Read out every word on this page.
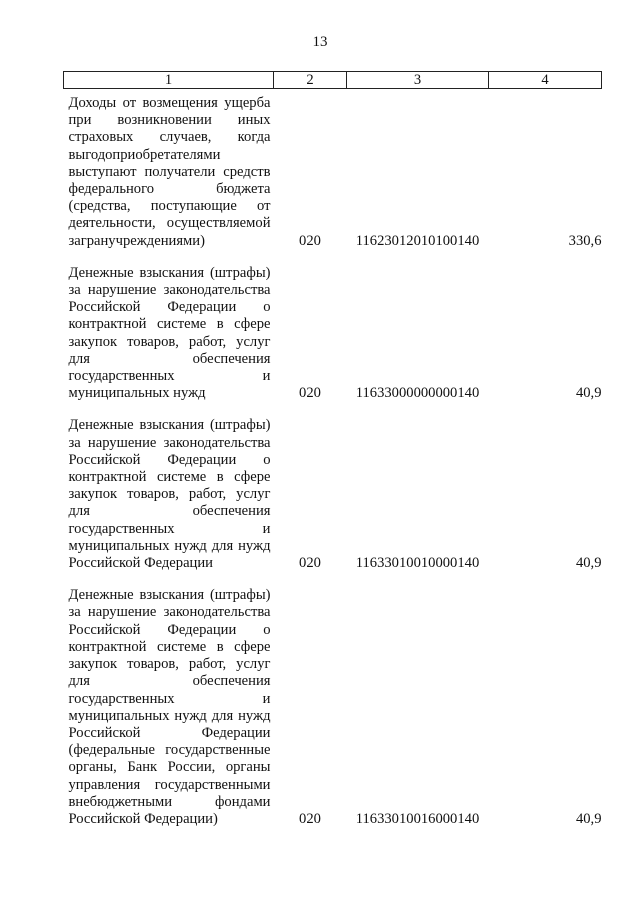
13
1	2	3	4

Доходы от возмещения ущерба при возникновении иных страховых случаев, когда выгодоприобретателями выступают получатели средств федерального бюджета (средства, поступающие от деятельности, осуществляемой загранучреждениями)	020	11623012010100140	330,6

Денежные взыскания (штрафы) за нарушение законодательства Российской Федерации о контрактной системе в сфере закупок товаров, работ, услуг для обеспечения государственных и муниципальных нужд	020	11633000000000140	40,9

Денежные взыскания (штрафы) за нарушение законодательства Российской Федерации о контрактной системе в сфере закупок товаров, работ, услуг для обеспечения государственных и муниципальных нужд для нужд Российской Федерации	020	11633010010000140	40,9

Денежные взыскания (штрафы) за нарушение законодательства Российской Федерации о контрактной системе в сфере закупок товаров, работ, услуг для обеспечения государственных и муниципальных нужд для нужд Российской Федерации (федеральные государственные органы, Банк России, органы управления государственными внебюджетными фондами Российской Федерации)	020	11633010016000140	40,9
